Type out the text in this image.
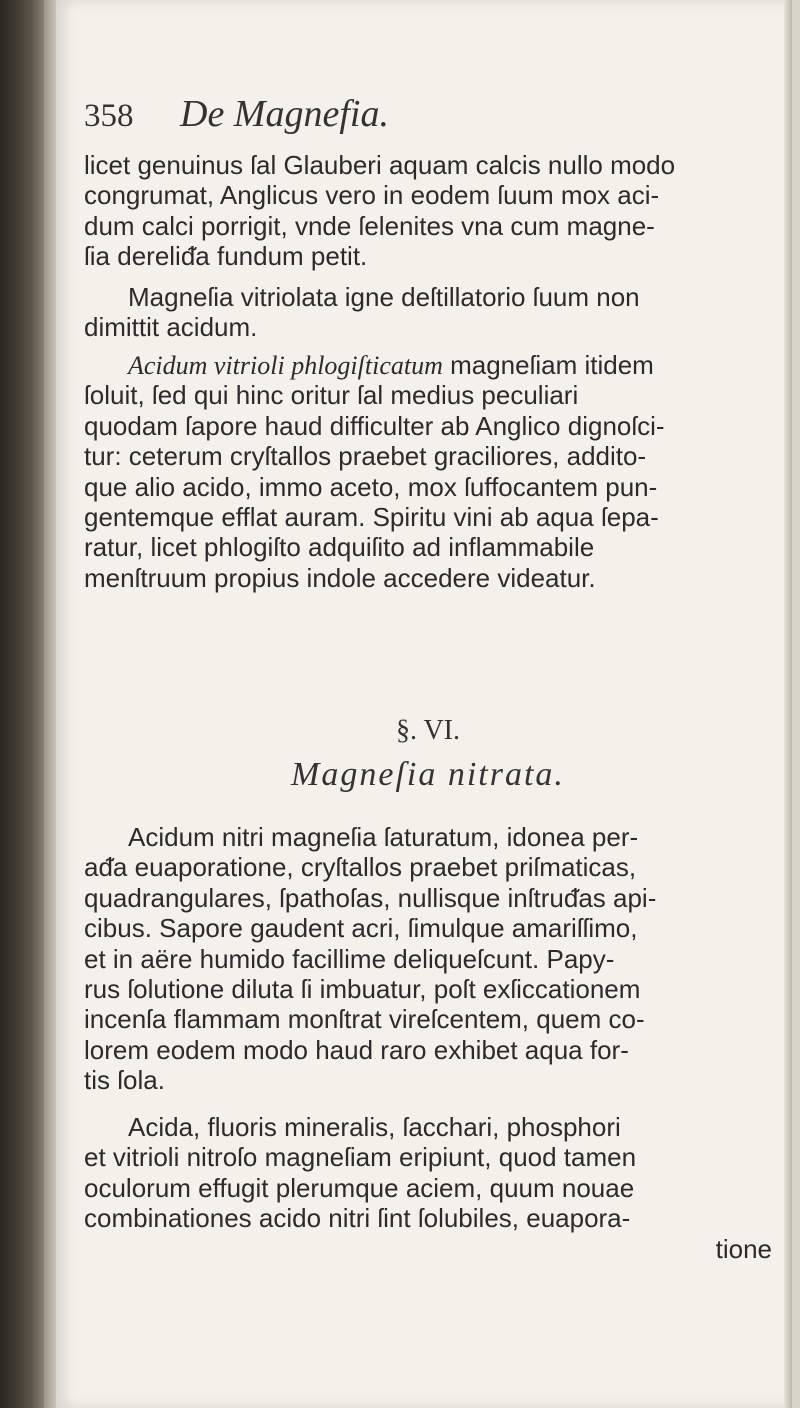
358 De Magnefia.
licet genuinus ſal Glauberi aquam calcis nullo modo
congrumat, Anglicus vero in eodem ſuum mox aci-
dum calci porrigit, vnde ſelenites vna cum magne-
ſia dereliᵭa fundum petit.
Magneſia vitriolata igne deſtillatorio ſuum non
dimittit acidum.
Acidum vitrioli phlogiſticatum magneſiam itidem
ſoluit, ſed qui hinc oritur ſal medius peculiari
quodam ſapore haud difficulter ab Anglico dignoſci-
tur: ceterum cryſtallos praebet graciliores, addito-
que alio acido, immo aceto, mox ſuffocantem pun-
gentemque efflat auram. Spiritu vini ab aqua ſepa-
ratur, licet phlogiſto adquiſito ad inflammabile
menſtruum propius indole accedere videatur.
§. VI.
Magneſia nitrata.
Acidum nitri magneſia ſaturatum, idonea per-
aᵭa euaporatione, cryſtallos praebet priſmaticas,
quadrangulares, ſpathoſas, nullisque inſtruᵭas api-
cibus. Sapore gaudent acri, ſimulque amariſſimo,
et in aëre humido facillime deliqueſcunt. Papy-
rus ſolutione diluta ſi imbuatur, poſt exſiccationem
incenſa flammam monſtrat vireſcentem, quem co-
lorem eodem modo haud raro exhibet aqua for-
tis ſola.
Acida, fluoris mineralis, ſacchari, phosphori
et vitrioli nitroſo magneſiam eripiunt, quod tamen
oculorum effugit plerumque aciem, quum nouae
combinationes acido nitri ſint ſolubiles, euapora-
tione
